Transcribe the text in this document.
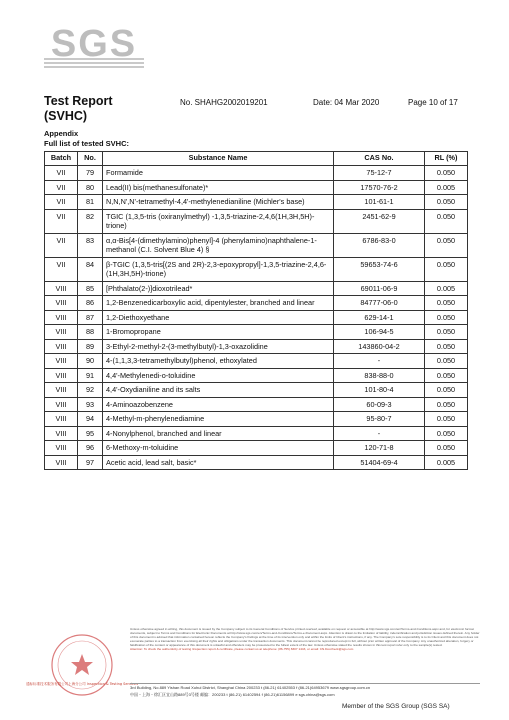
SGS
Test Report
(SVHC)
No. SHAHG2002019201	Date: 04 Mar 2020	Page 10 of 17
Appendix
Full list of tested SVHC:
Batch	No.	Substance Name	CAS No.	RL (%)
VII	79	Formamide	75-12-7	0.050
VII	80	Lead(II) bis(methanesulfonate)*	17570-76-2	0.005
VII	81	N,N,N',N'-tetramethyl-4,4'-methylenedianiline (Michler's base)	101-61-1	0.050
VII	82	TGIC (1,3,5-tris (oxiranylmethyl) -1,3,5-triazine-2,4,6(1H,3H,5H)-trione)	2451-62-9	0.050
VII	83	α,α-Bis[4-(dimethylamino)phenyl]-4 (phenylamino)naphthalene-1-methanol (C.I. Solvent Blue 4) §	6786-83-0	0.050
VII	84	β-TGIC (1,3,5-tris[(2S and 2R)-2,3-epoxypropyl]-1,3,5-triazine-2,4,6-(1H,3H,5H)-trione)	59653-74-6	0.050
VIII	85	[Phthalato(2-)]dioxotrilead*	69011-06-9	0.005
VIII	86	1,2-Benzenedicarboxylic acid, dipentylester, branched and linear	84777-06-0	0.050
VIII	87	1,2-Diethoxyethane	629-14-1	0.050
VIII	88	1-Bromopropane	106-94-5	0.050
VIII	89	3-Ethyl-2-methyl-2-(3-methylbutyl)-1,3-oxazolidine	143860-04-2	0.050
VIII	90	4-(1,1,3,3-tetramethylbutyl)phenol, ethoxylated	-	0.050
VIII	91	4,4'-Methylenedi-o-toluidine	838-88-0	0.050
VIII	92	4,4'-Oxydianiline and its salts	101-80-4	0.050
VIII	93	4-Aminoazobenzene	60-09-3	0.050
VIII	94	4-Methyl-m-phenylenediamine	95-80-7	0.050
VIII	95	4-Nonylphenol, branched and linear	-	0.050
VIII	96	6-Methoxy-m-toluidine	120-71-8	0.050
VIII	97	Acetic acid, lead salt, basic*	51404-69-4	0.005
通标标准技术服务有限公司上海分公司 Inspection & Testing Services
Unless otherwise agreed in writing, this document is issued by the Company subject to its General Conditions of Service printed overleaf, available on request or accessible at http://www.sgs.com/en/Terms-and-Conditions.aspx and, for electronic format documents, subject to Terms and Conditions for Electronic Documents at http://www.sgs.com/en/Terms-and-Conditions/Terms-e-Document.aspx. Attention is drawn to the limitation of liability, indemnification and jurisdiction issues defined therein. Any holder of this document is advised that information contained hereon reflects the Company's findings at the time of its intervention only and within the limits of Client's instructions, if any. The Company's sole responsibility is to its Client and this document does not exonerate parties to a transaction from exercising all their rights and obligations under the transaction documents. This document cannot be reproduced except in full, without prior written approval of the Company. Any unauthorized alteration, forgery or falsification of the content or appearance of this document is unlawful and offenders may be prosecuted to the fullest extent of the law. Unless otherwise stated the results shown in this test report refer only to the sample(s) tested.
Attention: To check the authenticity of testing /inspection report & certificate, please contact us at telephone: (86-755) 8307 1443, or email: CN.Doccheck@sgs.com
3rd Building, No.889 Yishan Road Xuhui District, Shanghai China 200233 t (86-21) 61402553 f (86-21)64953679 www.sgsgroup.com.cn
中国・上海・徐汇区宜山路889号3号楼 邮编：200233 t (86-21) 61402594 f (86-21)61156899 e sgs.china@sgs.com
Member of the SGS Group (SGS SA)
